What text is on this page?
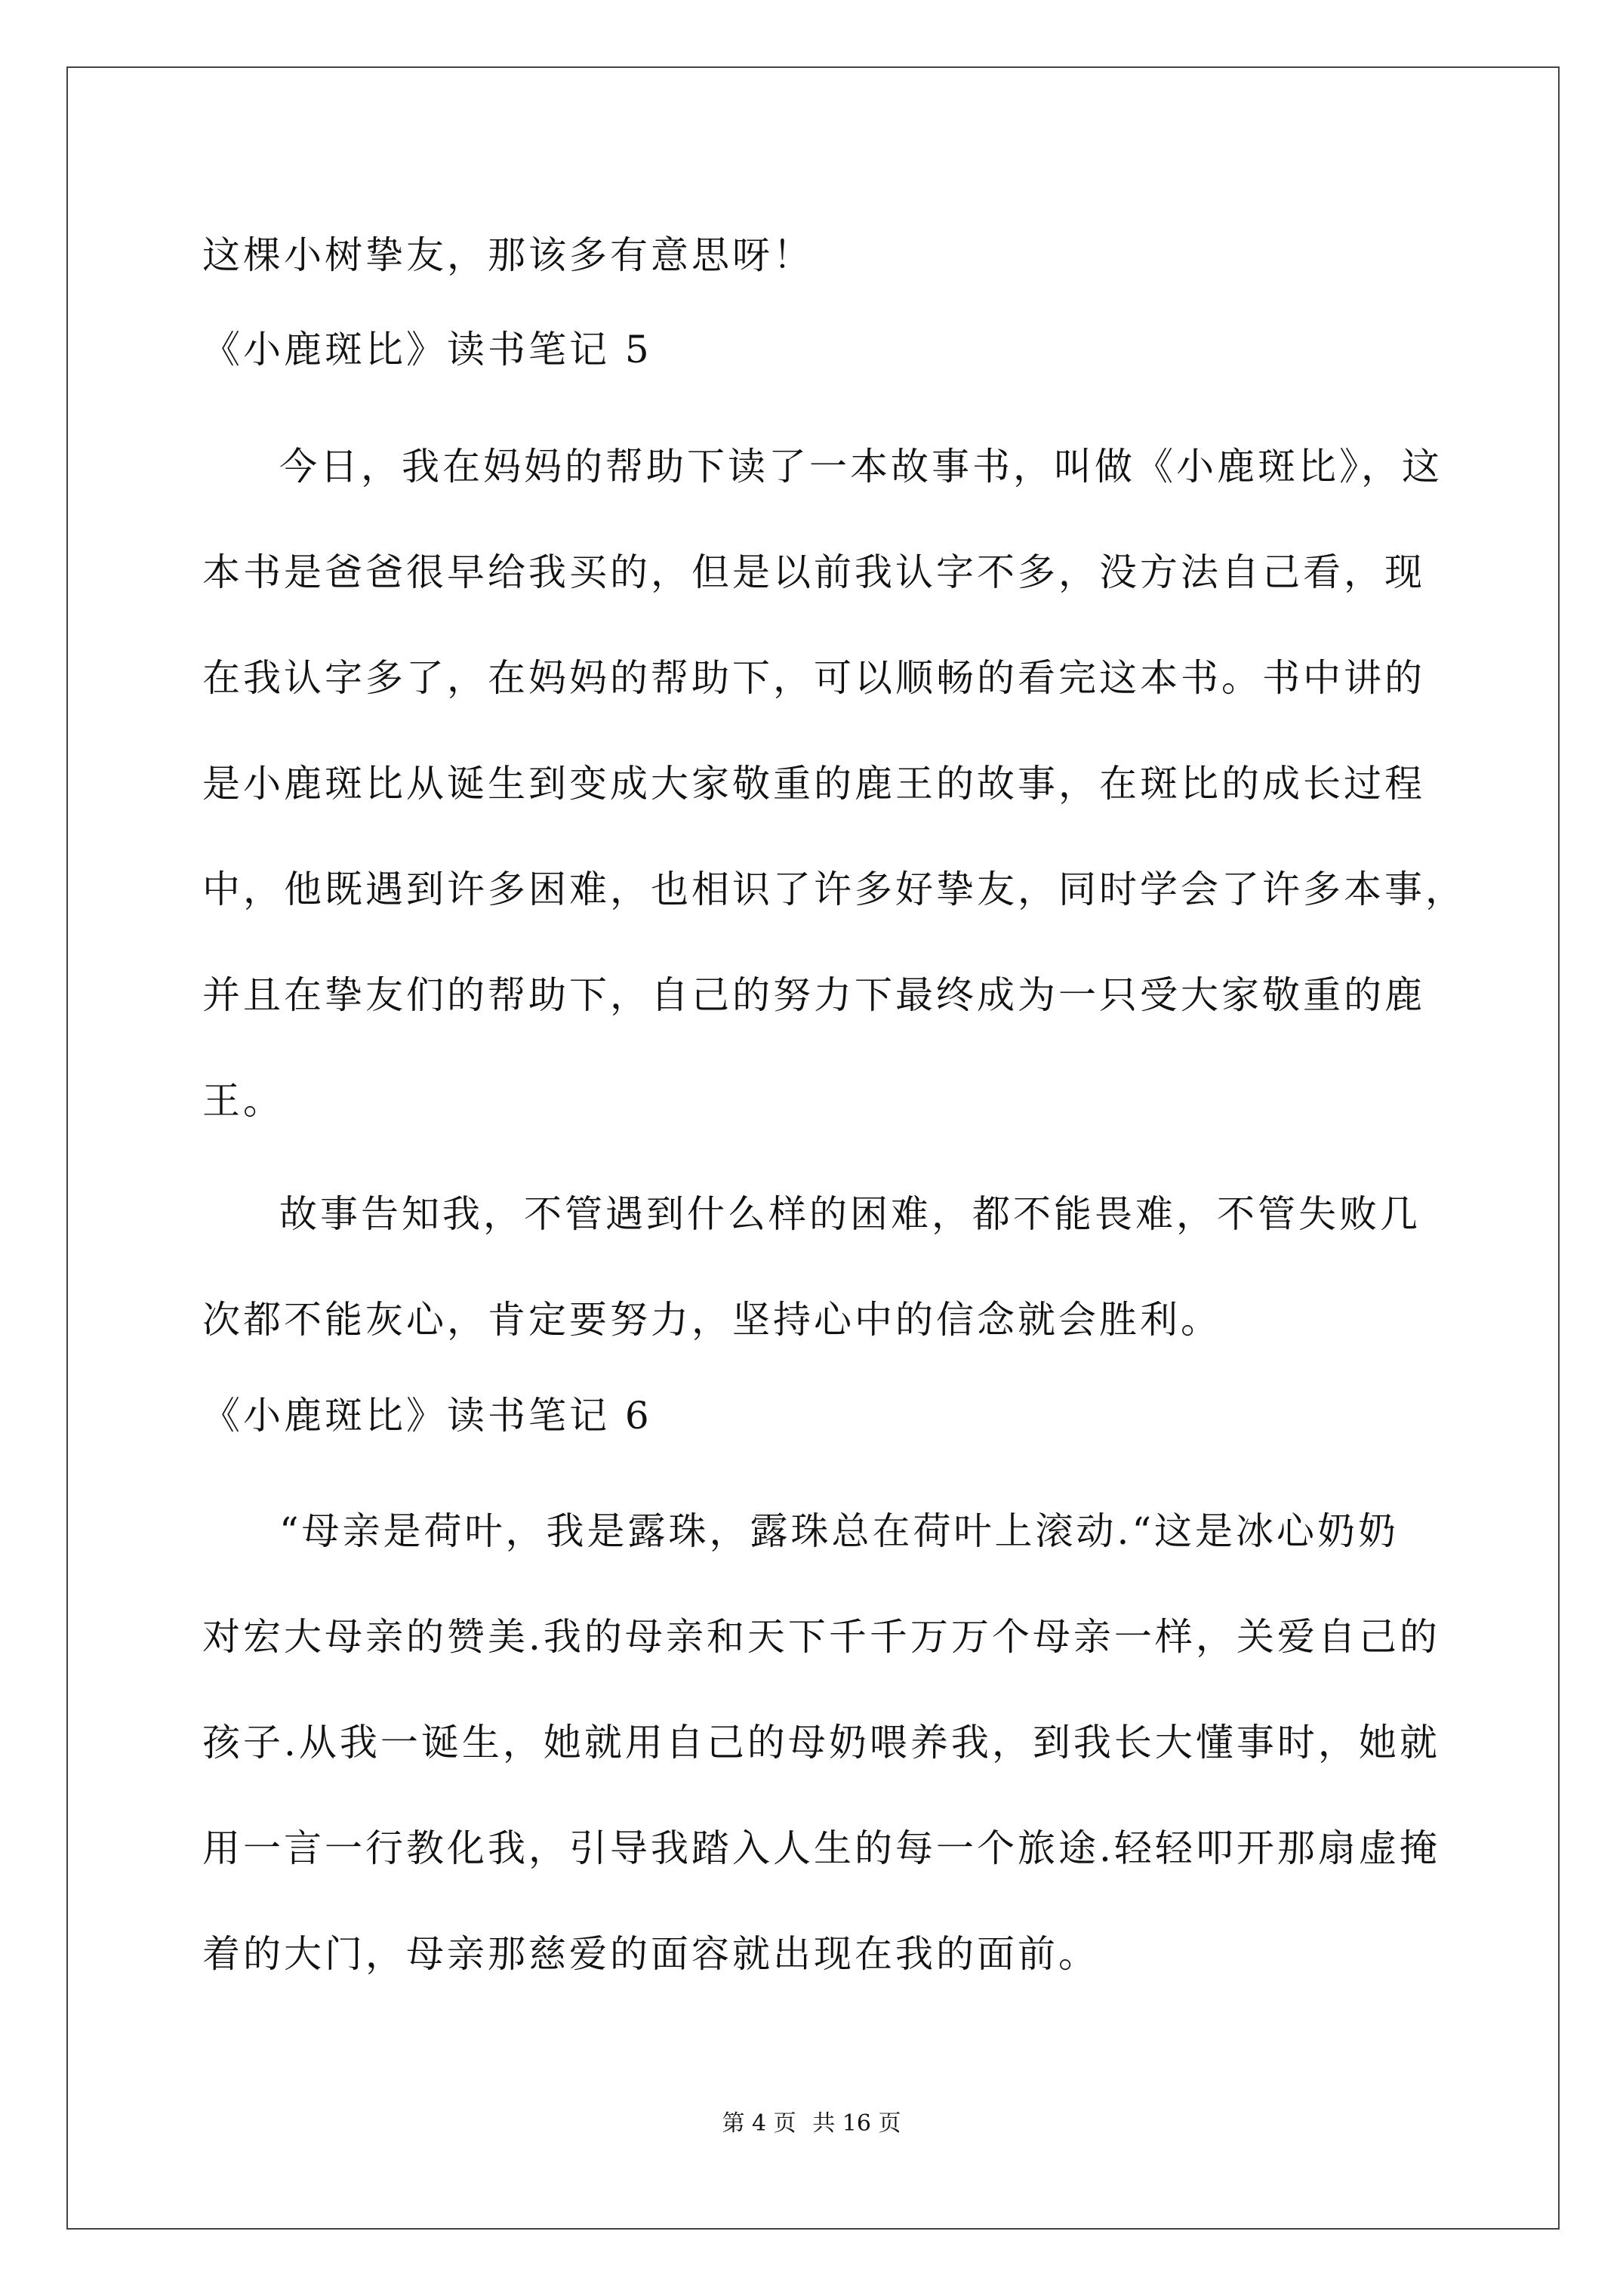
这棵小树挚友，那该多有意思呀！
《小鹿斑比》读书笔记 5
今日，我在妈妈的帮助下读了一本故事书，叫做《小鹿斑比》，这
本书是爸爸很早给我买的，但是以前我认字不多，没方法自己看，现
在我认字多了，在妈妈的帮助下，可以顺畅的看完这本书。书中讲的
是小鹿斑比从诞生到变成大家敬重的鹿王的故事，在斑比的成长过程
中，他既遇到许多困难，也相识了许多好挚友，同时学会了许多本事，
并且在挚友们的帮助下，自己的努力下最终成为一只受大家敬重的鹿
王。
故事告知我，不管遇到什么样的困难，都不能畏难，不管失败几
次都不能灰心，肯定要努力，坚持心中的信念就会胜利。
《小鹿斑比》读书笔记 6
“母亲是荷叶，我是露珠，露珠总在荷叶上滚动.“这是冰心奶奶
对宏大母亲的赞美.我的母亲和天下千千万万个母亲一样，关爱自己的
孩子.从我一诞生，她就用自己的母奶喂养我，到我长大懂事时，她就
用一言一行教化我，引导我踏入人生的每一个旅途.轻轻叩开那扇虚掩
着的大门，母亲那慈爱的面容就出现在我的面前。
第 4 页 共 16 页
